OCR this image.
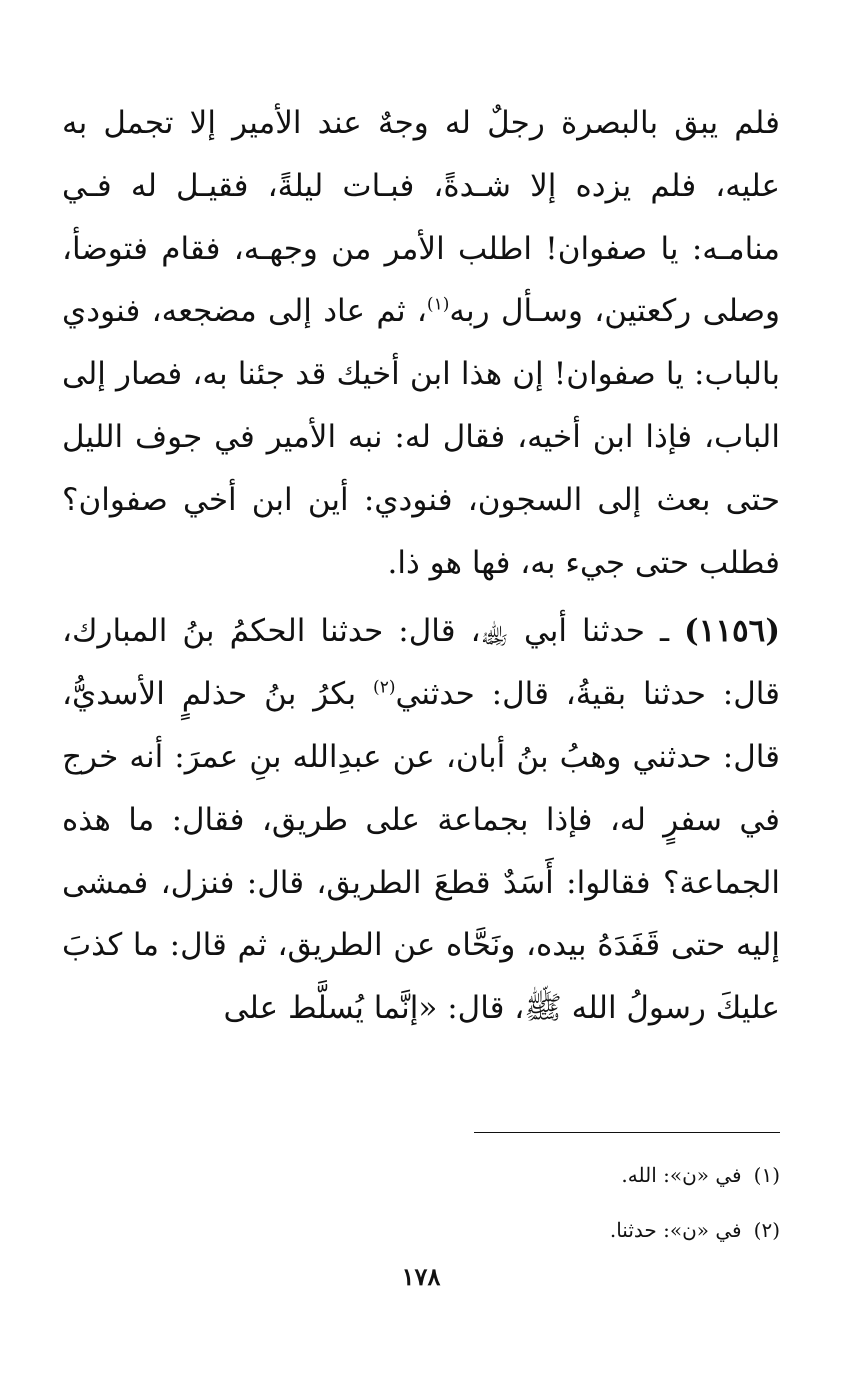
فلم يبق بالبصرة رجلٌ له وجهٌ عند الأمير إلا تجمل به عليه، فلم يزده إلا شـدةً، فبـات ليلةً، فقيـل له فـي منامـه: يا صفوان! اطلب الأمر من وجهـه، فقام فتوضأ، وصلى ركعتين، وسـأل ربه$^{(١)}$، ثم عاد إلى مضجعه، فنودي بالباب: يا صفوان! إن هذا ابن أخيك قد جئنا به، فصار إلى الباب، فإذا ابن أخيه، فقال له: نبه الأمير في جوف الليل حتى بعث إلى السجون، فنودي: أين ابن أخي صفوان؟ فطلب حتى جيء به، فها هو ذا.

(١١٥٦) ـ حدثنا أبي ﵀، قال: حدثنا الحكمُ بنُ المبارك، قال: حدثنا بقيةُ، قال: حدثني$^{(٢)}$ بكرُ بنُ حذلمٍ الأسديُّ، قال: حدثني وهبُ بنُ أبان، عن عبدِالله بنِ عمرَ: أنه خرج في سفرٍ له، فإذا بجماعة على طريق، فقال: ما هذه الجماعة؟ فقالوا: أَسَدٌ قطعَ الطريق، قال: فنزل، فمشى إليه حتى قَفَدَهُ بيده، ونَحَّاه عن الطريق، ثم قال: ما كذبَ عليكَ رسولُ الله ﷺ، قال: «إنَّما يُسلَّط على

(١)في «ن»: الله.

(٢)في «ن»: حدثنا.

١٧٨
